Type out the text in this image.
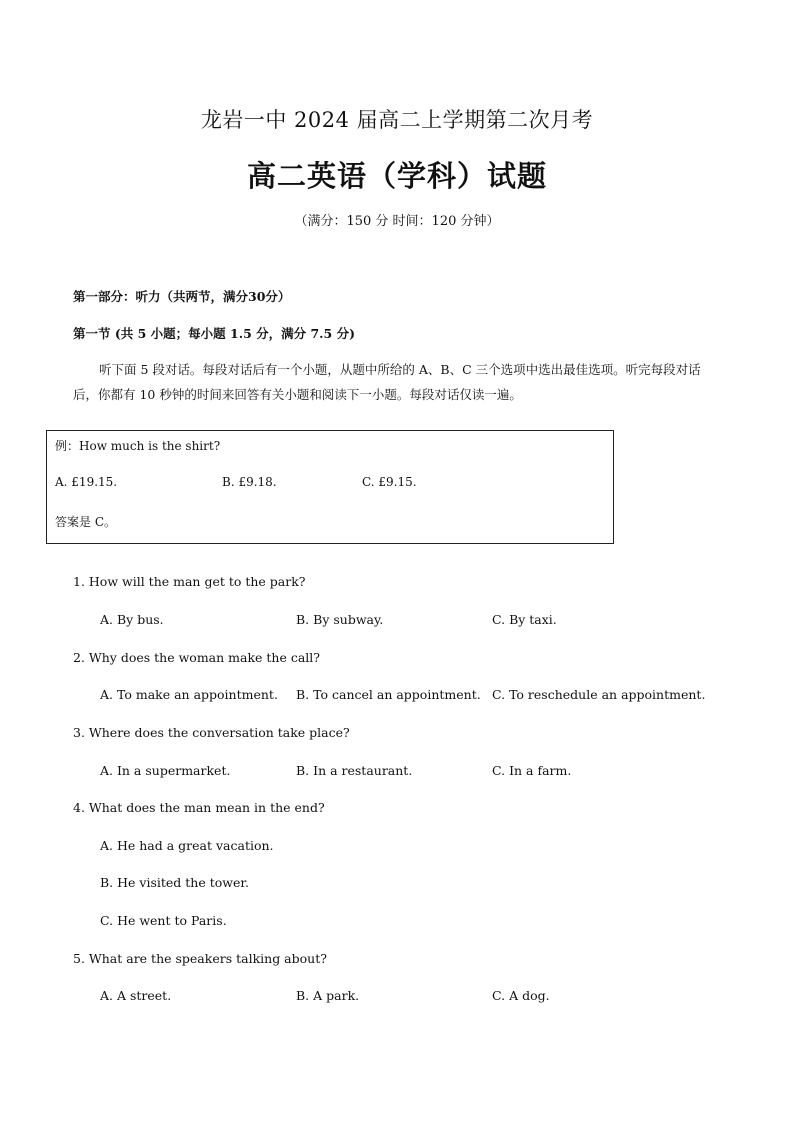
龙岩一中 2024 届高二上学期第二次月考
高二英语（学科）试题
（满分：150 分 时间：120 分钟）
第一部分：听力（共两节，满分30分）
第一节 (共 5 小题；每小题 1.5 分，满分 7.5 分)
听下面 5 段对话。每段对话后有一个小题，从题中所给的 A、B、C 三个选项中选出最佳选项。听完每段对话后，你都有 10 秒钟的时间来回答有关小题和阅读下一小题。每段对话仅读一遍。
例：How much is the shirt?
A. £19.15.	B. £9.18.	C. £9.15.
答案是 C。
1. How will the man get to the park?
A. By bus.	B. By subway.	C. By taxi.
2. Why does the woman make the call?
A. To make an appointment. B. To cancel an appointment. C. To reschedule an appointment.
3. Where does the conversation take place?
A. In a supermarket.	B. In a restaurant.	C. In a farm.
4. What does the man mean in the end?
A. He had a great vacation.
B. He visited the tower.
C. He went to Paris.
5. What are the speakers talking about?
A. A street.	B. A park.	C. A dog.
